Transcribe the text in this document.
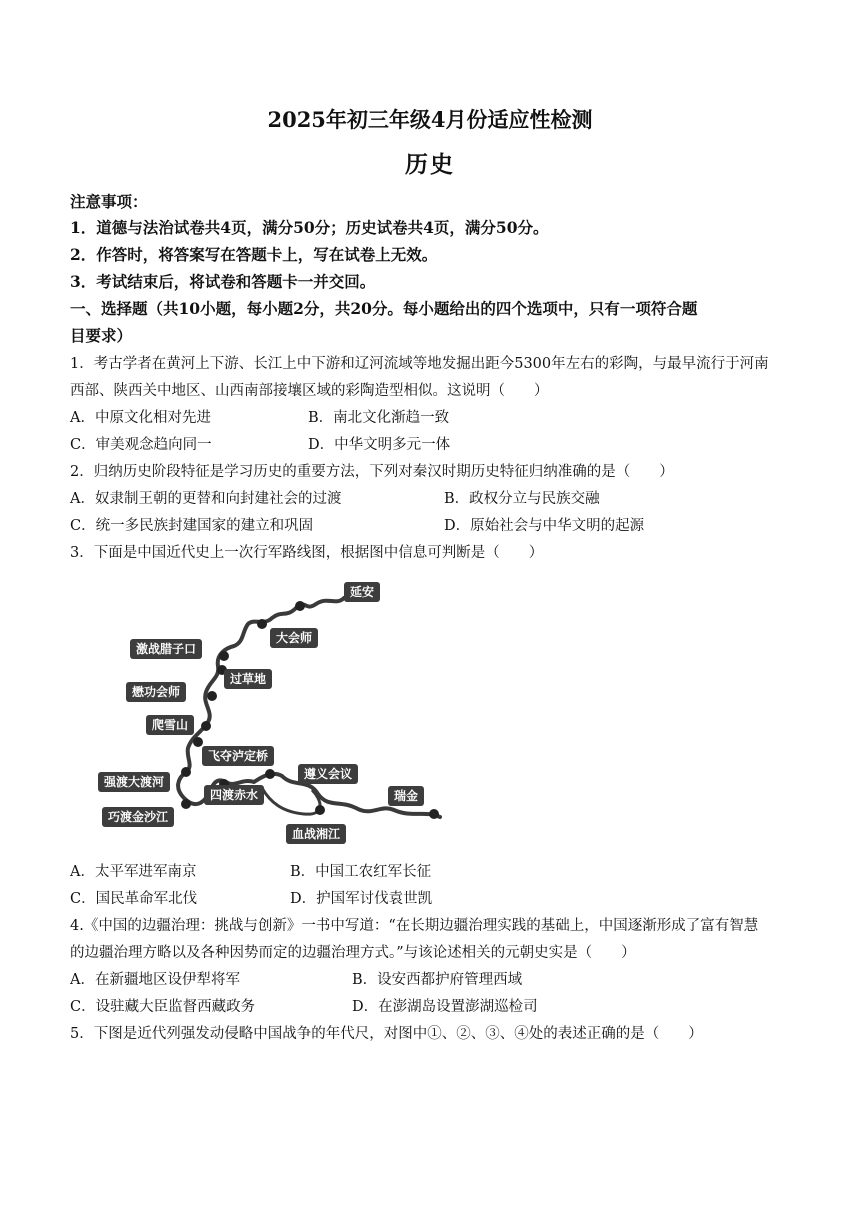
2025年初三年级4月份适应性检测
历史
注意事项：
1．道德与法治试卷共4页，满分50分；历史试卷共4页，满分50分。
2．作答时，将答案写在答题卡上，写在试卷上无效。
3．考试结束后，将试卷和答题卡一并交回。
一、选择题（共10小题，每小题2分，共20分。每小题给出的四个选项中，只有一项符合题
目要求）
1．考古学者在黄河上下游、长江上中下游和辽河流域等地发掘出距今5300年左右的彩陶，与最早流行于河南
西部、陕西关中地区、山西南部接壤区域的彩陶造型相似。这说明（　　）
A．中原文化相对先进	B．南北文化渐趋一致
C．审美观念趋向同一	D．中华文明多元一体
2．归纳历史阶段特征是学习历史的重要方法，下列对秦汉时期历史特征归纳准确的是（　　）
A．奴隶制王朝的更替和向封建社会的过渡	B．政权分立与民族交融
C．统一多民族封建国家的建立和巩固	D．原始社会与中华文明的起源
3．下面是中国近代史上一次行军路线图，根据图中信息可判断是（　　）
延安
大会师
激战腊子口
过草地
懋功会师
爬雪山
飞夺泸定桥
强渡大渡河
遵义会议
四渡赤水	瑞金
巧渡金沙江
血战湘江
A．太平军进军南京	B．中国工农红军长征
C．国民革命军北伐	D．护国军讨伐袁世凯
4.《中国的边疆治理：挑战与创新》一书中写道：“在长期边疆治理实践的基础上，中国逐渐形成了富有智慧
的边疆治理方略以及各种因势而定的边疆治理方式。”与该论述相关的元朝史实是（　　）
A．在新疆地区设伊犁将军	B．设安西都护府管理西域
C．设驻藏大臣监督西藏政务	D．在澎湖岛设置澎湖巡检司
5．下图是近代列强发动侵略中国战争的年代尺，对图中①、②、③、④处的表述正确的是（　　）
